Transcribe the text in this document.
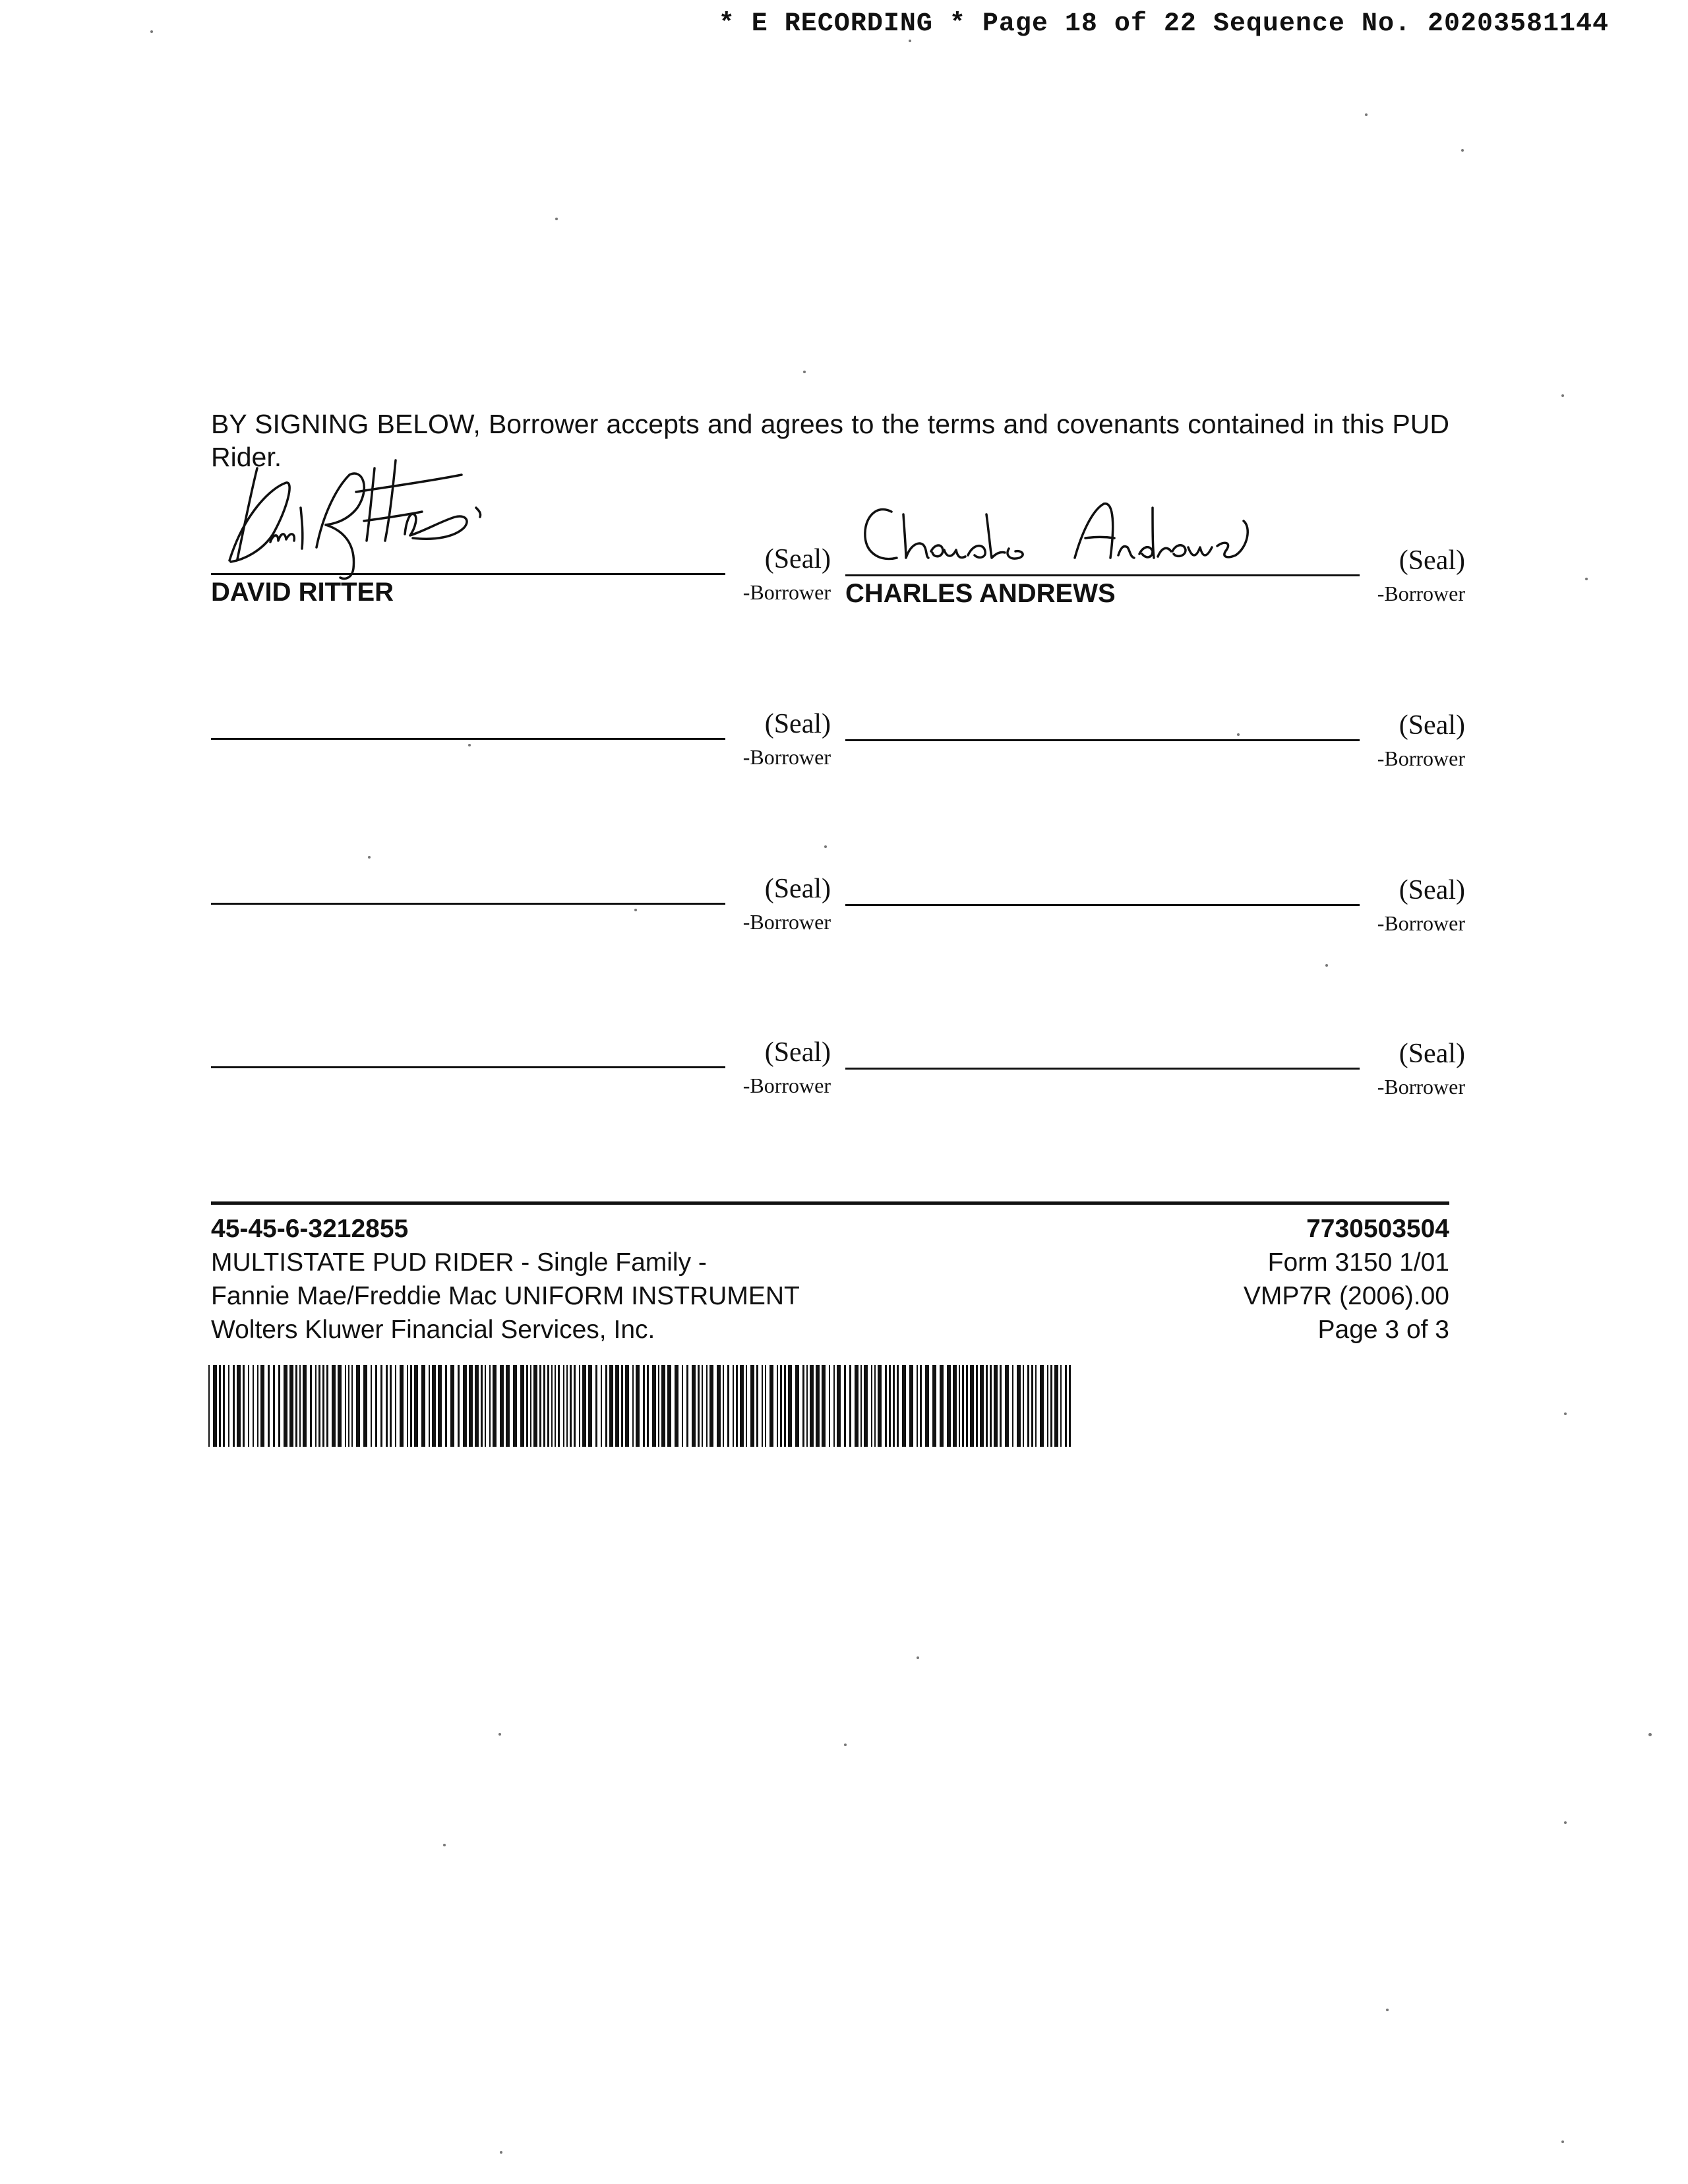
* E RECORDING * Page 18 of 22 Sequence No. 20203581144
BY SIGNING BELOW, Borrower accepts and agrees to the terms and covenants contained in this PUD Rider.
(Seal)
-Borrower
DAVID RITTER
(Seal)
-Borrower
CHARLES ANDREWS
(Seal)
-Borrower
(Seal)
-Borrower
(Seal)
-Borrower
(Seal)
-Borrower
(Seal)
-Borrower
(Seal)
-Borrower
45-45-6-3212855
MULTISTATE PUD RIDER - Single Family -
Fannie Mae/Freddie Mac UNIFORM INSTRUMENT
Wolters Kluwer Financial Services, Inc.
7730503504
Form 3150 1/01
VMP7R (2006).00
Page 3 of 3
